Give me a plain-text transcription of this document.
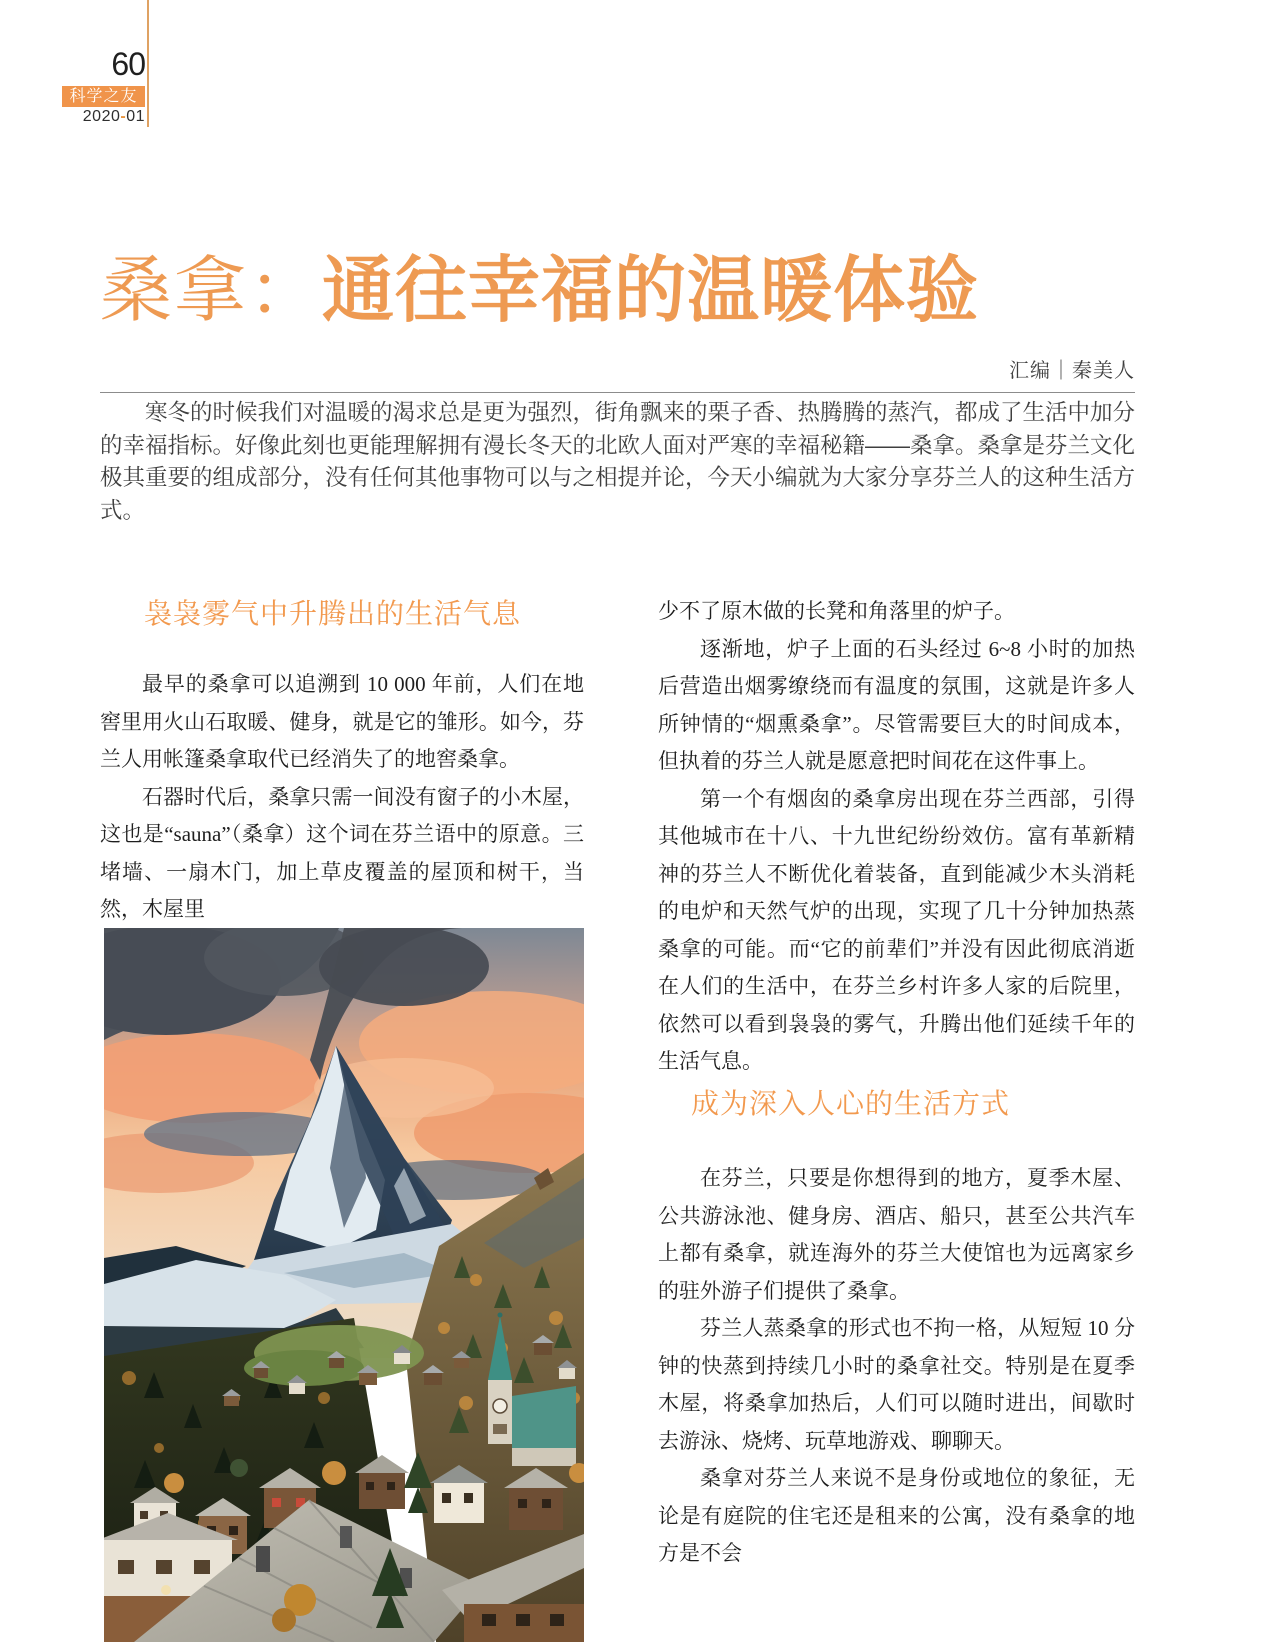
60
科学之友
2020-01
桑拿：通往幸福的温暖体验
汇编｜秦美人

寒冬的时候我们对温暖的渴求总是更为强烈，街角飘来的栗子香、热腾腾的蒸汽，都成了生活中加分的幸福指标。好像此刻也更能理解拥有漫长冬天的北欧人面对严寒的幸福秘籍——桑拿。桑拿是芬兰文化极其重要的组成部分，没有任何其他事物可以与之相提并论，今天小编就为大家分享芬兰人的这种生活方式。

袅袅雾气中升腾出的生活气息

最早的桑拿可以追溯到 10 000 年前，人们在地窖里用火山石取暖、健身，就是它的雏形。如今，芬兰人用帐篷桑拿取代已经消失了的地窖桑拿。

石器时代后，桑拿只需一间没有窗子的小木屋，这也是“sauna”（桑拿）这个词在芬兰语中的原意。三堵墙、一扇木门，加上草皮覆盖的屋顶和树干，当然，木屋里

少不了原木做的长凳和角落里的炉子。

逐渐地，炉子上面的石头经过 6~8 小时的加热后营造出烟雾缭绕而有温度的氛围，这就是许多人所钟情的“烟熏桑拿”。尽管需要巨大的时间成本，但执着的芬兰人就是愿意把时间花在这件事上。

第一个有烟囱的桑拿房出现在芬兰西部，引得其他城市在十八、十九世纪纷纷效仿。富有革新精神的芬兰人不断优化着装备，直到能减少木头消耗的电炉和天然气炉的出现，实现了几十分钟加热蒸桑拿的可能。而“它的前辈们”并没有因此彻底消逝在人们的生活中，在芬兰乡村许多人家的后院里，依然可以看到袅袅的雾气，升腾出他们延续千年的生活气息。

成为深入人心的生活方式

在芬兰，只要是你想得到的地方，夏季木屋、公共游泳池、健身房、酒店、船只，甚至公共汽车上都有桑拿，就连海外的芬兰大使馆也为远离家乡的驻外游子们提供了桑拿。

芬兰人蒸桑拿的形式也不拘一格，从短短 10 分钟的快蒸到持续几小时的桑拿社交。特别是在夏季木屋，将桑拿加热后，人们可以随时进出，间歇时去游泳、烧烤、玩草地游戏、聊聊天。

桑拿对芬兰人来说不是身份或地位的象征，无论是有庭院的住宅还是租来的公寓，没有桑拿的地方是不会
